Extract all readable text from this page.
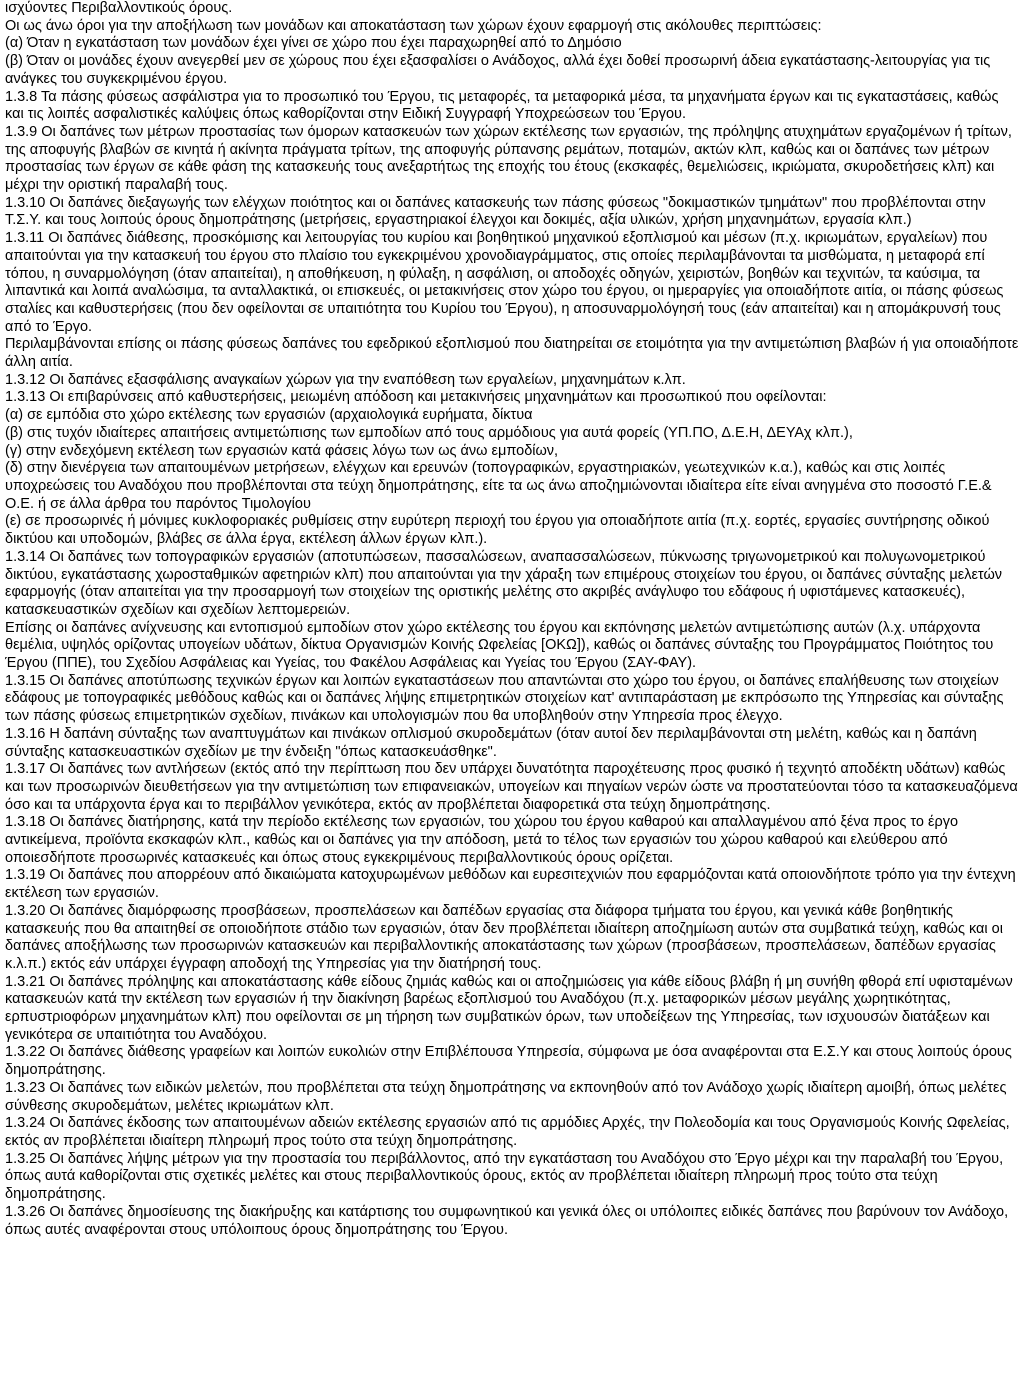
ισχύοντες Περιβαλλοντικούς όρους.

Οι ως άνω όροι για την αποξήλωση των μονάδων και αποκατάσταση των χώρων έχουν εφαρμογή στις ακόλουθες περιπτώσεις:

(α) Όταν η εγκατάσταση των μονάδων έχει γίνει σε χώρο που έχει παραχωρηθεί από το Δημόσιο

(β) Όταν οι μονάδες έχουν ανεγερθεί μεν σε χώρους που έχει εξασφαλίσει ο Ανάδοχος, αλλά έχει δοθεί προσωρινή άδεια εγκατάστασης-λειτουργίας για τις ανάγκες του συγκεκριμένου έργου.

1.3.8 Τα πάσης φύσεως ασφάλιστρα για το προσωπικό του Έργου, τις μεταφορές, τα μεταφορικά μέσα, τα μηχανήματα έργων και τις εγκαταστάσεις, καθώς και τις λοιπές ασφαλιστικές καλύψεις όπως καθορίζονται στην Ειδική Συγγραφή Υποχρεώσεων του Έργου.

1.3.9 Οι δαπάνες των μέτρων προστασίας των όμορων κατασκευών των χώρων εκτέλεσης των εργασιών, της πρόληψης ατυχημάτων εργαζομένων ή τρίτων, της αποφυγής βλαβών σε κινητά ή ακίνητα πράγματα τρίτων, της αποφυγής ρύπανσης ρεμάτων, ποταμών, ακτών κλπ, καθώς και οι δαπάνες των μέτρων προστασίας των έργων σε κάθε φάση της κατασκευής τους ανεξαρτήτως της εποχής του έτους (εκσκαφές, θεμελιώσεις, ικριώματα, σκυροδετήσεις κλπ) και μέχρι την οριστική παραλαβή τους.

1.3.10 Οι δαπάνες διεξαγωγής των ελέγχων ποιότητος και οι δαπάνες κατασκευής των πάσης φύσεως "δοκιμαστικών τμημάτων" που προβλέπονται στην Τ.Σ.Υ. και τους λοιπούς όρους δημοπράτησης (μετρήσεις, εργαστηριακοί έλεγχοι και δοκιμές, αξία υλικών, χρήση μηχανημάτων, εργασία κλπ.)

1.3.11 Οι δαπάνες διάθεσης, προσκόμισης και λειτουργίας του κυρίου και βοηθητικού μηχανικού εξοπλισμού και μέσων (π.χ. ικριωμάτων, εργαλείων) που απαιτούνται για την κατασκευή του έργου στο πλαίσιο του εγκεκριμένου χρονοδιαγράμματος, στις οποίες περιλαμβάνονται τα μισθώματα, η μεταφορά επί τόπου, η συναρμολόγηση (όταν απαιτείται), η αποθήκευση, η φύλαξη, η ασφάλιση, οι αποδοχές οδηγών, χειριστών, βοηθών και τεχνιτών, τα καύσιμα, τα λιπαντικά και λοιπά αναλώσιμα, τα ανταλλακτικά, οι επισκευές, οι μετακινήσεις στον χώρο του έργου, οι ημεραργίες για οποιαδήποτε αιτία, οι πάσης φύσεως σταλίες και καθυστερήσεις (που δεν οφείλονται σε υπαιτιότητα του Κυρίου του Έργου), η αποσυναρμολόγησή τους (εάν απαιτείται) και η απομάκρυνσή τους από το Έργο.

Περιλαμβάνονται επίσης οι πάσης φύσεως δαπάνες του εφεδρικού εξοπλισμού που διατηρείται σε ετοιμότητα για την αντιμετώπιση βλαβών ή για οποιαδήποτε άλλη αιτία.

1.3.12 Οι δαπάνες εξασφάλισης αναγκαίων χώρων για την εναπόθεση των εργαλείων, μηχανημάτων κ.λπ.

1.3.13 Οι επιβαρύνσεις από καθυστερήσεις, μειωμένη απόδοση και μετακινήσεις μηχανημάτων και προσωπικού που οφείλονται:

(α) σε εμπόδια στο χώρο εκτέλεσης των εργασιών (αρχαιολογικά ευρήματα, δίκτυα

(β) στις τυχόν ιδιαίτερες απαιτήσεις αντιμετώπισης των εμποδίων από τους αρμόδιους για αυτά φορείς (ΥΠ.ΠΟ, Δ.Ε.Η, ΔΕΥΑχ κλπ.),

(γ) στην ενδεχόμενη εκτέλεση των εργασιών κατά φάσεις λόγω των ως άνω εμποδίων,

(δ) στην διενέργεια των απαιτουμένων μετρήσεων, ελέγχων και ερευνών (τοπογραφικών, εργαστηριακών, γεωτεχνικών κ.α.), καθώς και στις λοιπές υποχρεώσεις του Αναδόχου που προβλέπονται στα τεύχη δημοπράτησης, είτε τα ως άνω αποζημιώνονται ιδιαίτερα είτε είναι ανηγμένα στο ποσοστό Γ.Ε.& Ο.Ε. ή σε άλλα άρθρα του παρόντος Τιμολογίου

(ε) σε προσωρινές ή μόνιμες κυκλοφοριακές ρυθμίσεις στην ευρύτερη περιοχή του έργου για οποιαδήποτε αιτία (π.χ. εορτές, εργασίες συντήρησης οδικού δικτύου και υποδομών, βλάβες σε άλλα έργα, εκτέλεση άλλων έργων κλπ.).

1.3.14 Οι δαπάνες των τοπογραφικών εργασιών (αποτυπώσεων, πασσαλώσεων, αναπασσαλώσεων, πύκνωσης τριγωνομετρικού και πολυγωνομετρικού δικτύου, εγκατάστασης χωροσταθμικών αφετηριών κλπ) που απαιτούνται για την χάραξη των επιμέρους στοιχείων του έργου, οι δαπάνες σύνταξης μελετών εφαρμογής (όταν απαιτείται για την προσαρμογή των στοιχείων της οριστικής μελέτης στο ακριβές ανάγλυφο του εδάφους ή υφιστάμενες κατασκευές), κατασκευαστικών σχεδίων και σχεδίων λεπτομερειών.

Επίσης οι δαπάνες ανίχνευσης και εντοπισμού εμποδίων στον χώρο εκτέλεσης του έργου και εκπόνησης μελετών αντιμετώπισης αυτών (λ.χ. υπάρχοντα θεμέλια, υψηλός ορίζοντας υπογείων υδάτων, δίκτυα Οργανισμών Κοινής Ωφελείας [ΟΚΩ]), καθώς οι δαπάνες σύνταξης του Προγράμματος Ποιότητος του Έργου (ΠΠΕ), του Σχεδίου Ασφάλειας και Υγείας, του Φακέλου Ασφάλειας και Υγείας του Έργου (ΣΑΥ-ΦΑΥ).

1.3.15 Οι δαπάνες αποτύπωσης τεχνικών έργων και λοιπών εγκαταστάσεων που απαντώνται στο χώρο του έργου, οι δαπάνες επαλήθευσης των στοιχείων εδάφους με τοπογραφικές μεθόδους καθώς και οι δαπάνες λήψης επιμετρητικών στοιχείων κατ' αντιπαράσταση με εκπρόσωπο της Υπηρεσίας και σύνταξης των πάσης φύσεως επιμετρητικών σχεδίων, πινάκων και υπολογισμών που θα υποβληθούν στην Υπηρεσία προς έλεγχο.

1.3.16 Η δαπάνη σύνταξης των αναπτυγμάτων και πινάκων οπλισμού σκυροδεμάτων (όταν αυτοί δεν περιλαμβάνονται στη μελέτη, καθώς και η δαπάνη σύνταξης κατασκευαστικών σχεδίων με την ένδειξη "όπως κατασκευάσθηκε".

1.3.17 Οι δαπάνες των αντλήσεων (εκτός από την περίπτωση που δεν υπάρχει δυνατότητα παροχέτευσης προς φυσικό ή τεχνητό αποδέκτη υδάτων) καθώς και των προσωρινών διευθετήσεων για την αντιμετώπιση των επιφανειακών, υπογείων και πηγαίων νερών ώστε να προστατεύονται τόσο τα κατασκευαζόμενα όσο και τα υπάρχοντα έργα και το περιβάλλον γενικότερα, εκτός αν προβλέπεται διαφορετικά στα τεύχη δημοπράτησης.

1.3.18 Οι δαπάνες διατήρησης, κατά την περίοδο εκτέλεσης των εργασιών, του χώρου του έργου καθαρού και απαλλαγμένου από ξένα προς το έργο αντικείμενα, προϊόντα εκσκαφών κλπ., καθώς και οι δαπάνες για την απόδοση, μετά το τέλος των εργασιών του χώρου καθαρού και ελεύθερου από οποιεσδήποτε προσωρινές κατασκευές και όπως στους εγκεκριμένους περιβαλλοντικούς όρους ορίζεται.

1.3.19 Οι δαπάνες που απορρέουν από δικαιώματα κατοχυρωμένων μεθόδων και ευρεσιτεχνιών που εφαρμόζονται κατά οποιονδήποτε τρόπο για την έντεχνη εκτέλεση των εργασιών.

1.3.20 Οι δαπάνες διαμόρφωσης προσβάσεων, προσπελάσεων και δαπέδων εργασίας στα διάφορα τμήματα του έργου, και γενικά κάθε βοηθητικής κατασκευής που θα απαιτηθεί σε οποιοδήποτε στάδιο των εργασιών, όταν δεν προβλέπεται ιδιαίτερη αποζημίωση αυτών στα συμβατικά τεύχη, καθώς και οι δαπάνες αποξήλωσης των προσωρινών κατασκευών και περιβαλλοντικής αποκατάστασης των χώρων (προσβάσεων, προσπελάσεων, δαπέδων εργασίας κ.λ.π.) εκτός εάν υπάρχει έγγραφη αποδοχή της Υπηρεσίας για την διατήρησή τους.

1.3.21 Οι δαπάνες πρόληψης και αποκατάστασης κάθε είδους ζημιάς καθώς και οι αποζημιώσεις για κάθε είδους βλάβη ή μη συνήθη φθορά επί υφισταμένων κατασκευών κατά την εκτέλεση των εργασιών ή την διακίνηση βαρέως εξοπλισμού του Αναδόχου (π.χ. μεταφορικών μέσων μεγάλης χωρητικότητας, ερπυστριοφόρων μηχανημάτων κλπ) που οφείλονται σε μη τήρηση των συμβατικών όρων, των υποδείξεων της Υπηρεσίας, των ισχυουσών διατάξεων και γενικότερα σε υπαιτιότητα του Αναδόχου.

1.3.22 Οι δαπάνες διάθεσης γραφείων και λοιπών ευκολιών στην Επιβλέπουσα Υπηρεσία, σύμφωνα με όσα αναφέρονται στα Ε.Σ.Υ και στους λοιπούς όρους δημοπράτησης.

1.3.23 Οι δαπάνες των ειδικών μελετών, που προβλέπεται στα τεύχη δημοπράτησης να εκπονηθούν από τον Ανάδοχο χωρίς ιδιαίτερη αμοιβή, όπως μελέτες σύνθεσης σκυροδεμάτων, μελέτες ικριωμάτων κλπ.

1.3.24 Οι δαπάνες έκδοσης των απαιτουμένων αδειών εκτέλεσης εργασιών από τις αρμόδιες Αρχές, την Πολεοδομία και τους Οργανισμούς Κοινής Ωφελείας, εκτός αν προβλέπεται ιδιαίτερη πληρωμή προς τούτο στα τεύχη δημοπράτησης.

1.3.25 Οι δαπάνες λήψης μέτρων για την προστασία του περιβάλλοντος, από την εγκατάσταση του Αναδόχου στο Έργο μέχρι και την παραλαβή του Έργου, όπως αυτά καθορίζονται στις σχετικές μελέτες και στους περιβαλλοντικούς όρους, εκτός αν προβλέπεται ιδιαίτερη πληρωμή προς τούτο στα τεύχη δημοπράτησης.

1.3.26 Οι δαπάνες δημοσίευσης της διακήρυξης και κατάρτισης του συμφωνητικού και γενικά όλες οι υπόλοιπες ειδικές δαπάνες που βαρύνουν τον Ανάδοχο, όπως αυτές αναφέρονται στους υπόλοιπους όρους δημοπράτησης του Έργου.
